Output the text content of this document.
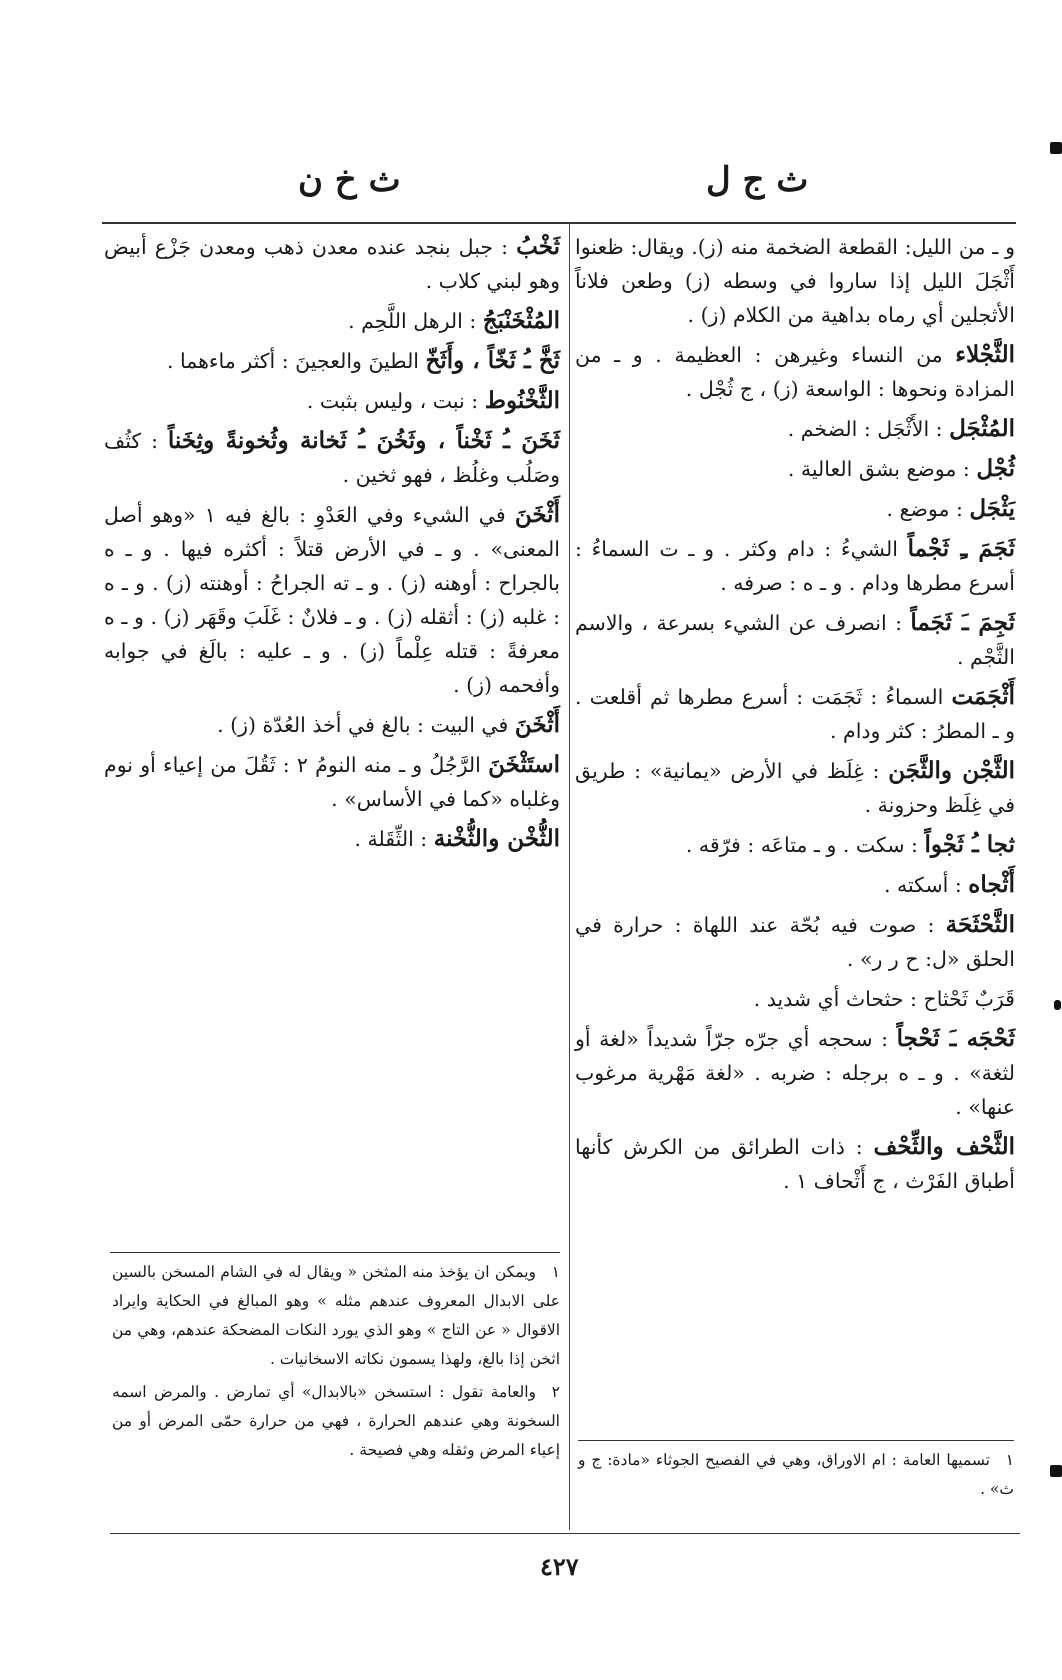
ث ج ل
ث خ ن

و ـ من الليل: القطعة الضخمة منه (ز). ويقال: ظعنوا أَثْجَلَ الليل إذا ساروا في وسطه (ز) وطعن فلاناً الأثجلين أي رماه بداهية من الكلام (ز) .

الثَّجْلاء من النساء وغيرهن : العظيمة . و ـ من المزادة ونحوها : الواسعة (ز) ، ج ثُجْل .

المُثْجَل : الأَثْجَل : الضخم .

ثُجْل : موضع بشق العالية .

يَثْجَل : موضع .

ثَجَمَ ـِ ثَجْماً الشيءُ : دام وكثر . و ـ ت السماءُ : أسرع مطرها ودام . و ـ ه : صرفه .

ثَجِمَ ـَ ثَجَماً : انصرف عن الشيء بسرعة ، والاسم الثَّجْم .

أَثْجَمَت السماءُ : ثَجَمَت : أسرع مطرها ثم أقلعت . و ـ المطرُ : كثر ودام .

الثَّجْن والثَّجَن : غِلَظ في الأرض «يمانية» : طريق في غِلَظ وحزونة .

ثجا ـُ ثَجْواً : سكت . و ـ متاعَه : فرّقه .

أَثْجاه : أسكته .

الثَّحْثَحَة : صوت فيه بُحّة عند اللهاة : حرارة في الحلق «ل: ح ر ر» .

قَرَبٌ ثَحْثاح : حثحاث أي شديد .

ثَحْجَه ـَ ثَحْجاً : سحجه أي جرّه جرّاً شديداً «لغة أو لثغة» . و ـ ه برجله : ضربه . «لغة مَهْرية مرغوب عنها» .

الثَّحْف والثِّحْف : ذات الطرائق من الكرش كأنها أطباق الفَرْث ، ج أَثْحاف ١ .

ثَخْبُ : جبل بنجد عنده معدن ذهب ومعدن جَزْع أبيض وهو لبني كلاب .

المُثْخَنْبَجُ : الرهل اللَّحِم .

ثَخَّ ـُ ثَخّاً ، وأَثَخّ الطينَ والعجينَ : أكثر ماءهما .

الثَّخْنُوط : نبت ، وليس بثبت .

ثَخَنَ ـُ ثَخْناً ، وثَخُنَ ـُ ثَخانة وثُخونةً وثِخَناً : كثُف وصَلُب وغلُظ ، فهو ثخين .

أَثْخَنَ في الشيء وفي العَدْوِ : بالغ فيه ١ «وهو أصل المعنى» . و ـ في الأرض قتلاً : أكثره فيها . و ـ ه بالجراح : أوهنه (ز) . و ـ ته الجراحُ : أوهنته (ز) . و ـ ه : غلبه (ز) : أثقله (ز) . و ـ فلانٌ : غَلَبَ وقَهَر (ز) . و ـ ه معرفةً : قتله عِلْماً (ز) . و ـ عليه : بالَغ في جوابه وأفحمه (ز) .

أَثْخَنَ في البيت : بالغ في أخذ العُدّة (ز) .

استَثْخَنَ الرَّجُلُ و ـ منه النومُ ٢ : ثَقُلَ من إعياء أو نوم وغلباه «كما في الأساس» .

الثُّخْن والثُّخْنة : الثِّقَلة .

١ويمكن ان يؤخذ منه المثخن « ويقال له في الشام المسخن بالسين على الابدال المعروف عندهم مثله » وهو المبالغ في الحكاية وايراد الاقوال « عن التاج » وهو الذي يورد النكات المضحكة عندهم، وهي من اثخن إذا بالغ، ولهذا يسمون نكاته الاسخانيات .

٢والعامة تقول : استسخن «بالابدال» أي تمارض . والمرض اسمه السخونة وهي عندهم الحرارة ، فهي من حرارة حمّى المرض أو من إعياء المرض وثقله وهي فصيحة .

١تسميها العامة : ام الاوراق، وهي في الفصيح الجوثاء «مادة: ج و ث» .

٤٢٧
